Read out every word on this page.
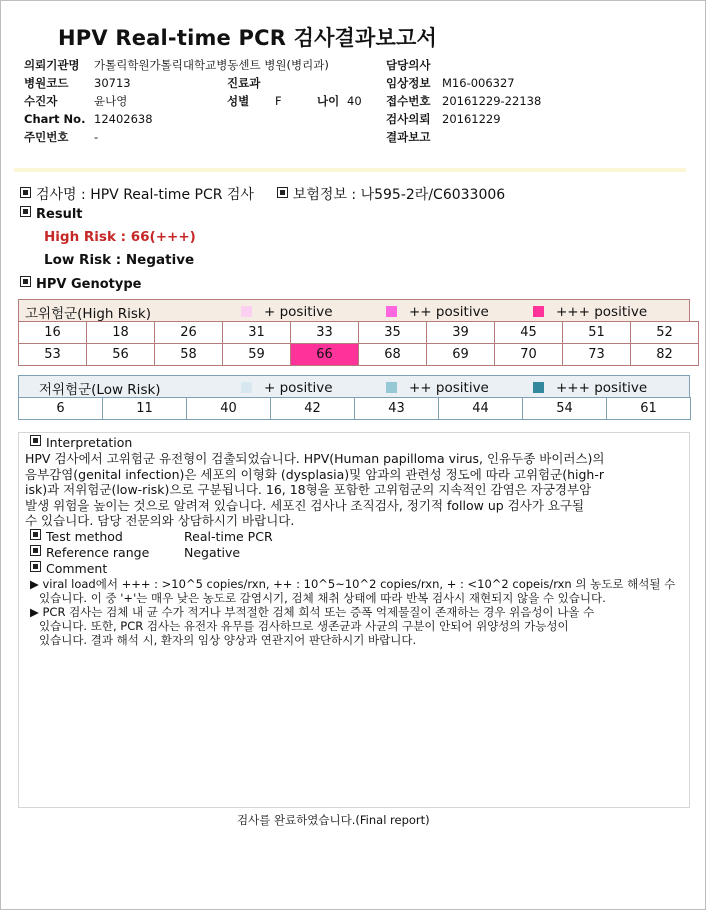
HPV Real-time PCR 검사결과보고서
의뢰기관명 가톨릭학원가톨릭대학교병동센트 병원(병리과)
병원코드 30713	진료과
수진자	윤나영	성별 F	나이 40
Chart No. 12402638
주민번호 -
담당의사
임상정보 M16-006327
접수번호 20161229-22138
검사의뢰 20161229
결과보고
검사명 : HPV Real-time PCR 검사	보험정보 : 나595-2라/C6033006
Result
High Risk : 66(+++)
Low Risk : Negative
HPV Genotype
고위험군(High Risk)	+ positive	++ positive	+++ positive
16	18	26	31	33	35	39	45	51	52
53	56	58	59	66	68	69	70	73	82
저위험군(Low Risk)	+ positive	++ positive	+++ positive
6	11	40	42	43	44	54	61
Interpretation
HPV 검사에서 고위험군 유전형이 검출되었습니다. HPV(Human papilloma virus, 인유두종 바이러스)의
음부감염(genital infection)은 세포의 이형화 (dysplasia)및 암과의 관련성 정도에 따라 고위험군(high-r
isk)과 저위험군(low-risk)으로 구분됩니다. 16, 18형을 포함한 고위험군의 지속적인 감염은 자궁경부암
발생 위험을 높이는 것으로 알려져 있습니다. 세포진 검사나 조직검사, 정기적 follow up 검사가 요구될
수 있습니다. 담당 전문의와 상담하시기 바랍니다.
Test method	Real-time PCR
Reference range	Negative
Comment
▶ viral load에서 +++ : >10^5 copies/rxn, ++ : 10^5~10^2 copies/rxn, + : <10^2 copeis/rxn 의 농도로 해석될 수
있습니다. 이 중 '+'는 매우 낮은 농도로 감염시기, 검체 채취 상태에 따라 반복 검사시 재현되지 않을 수 있습니다.
▶ PCR 검사는 검체 내 균 수가 적거나 부적절한 검체 희석 또는 증폭 억제물질이 존재하는 경우 위음성이 나올 수
있습니다. 또한, PCR 검사는 유전자 유무를 검사하므로 생존균과 사균의 구분이 안되어 위양성의 가능성이
있습니다. 결과 해석 시, 환자의 임상 양상과 연관지어 판단하시기 바랍니다.
검사를 완료하였습니다.(Final report)
